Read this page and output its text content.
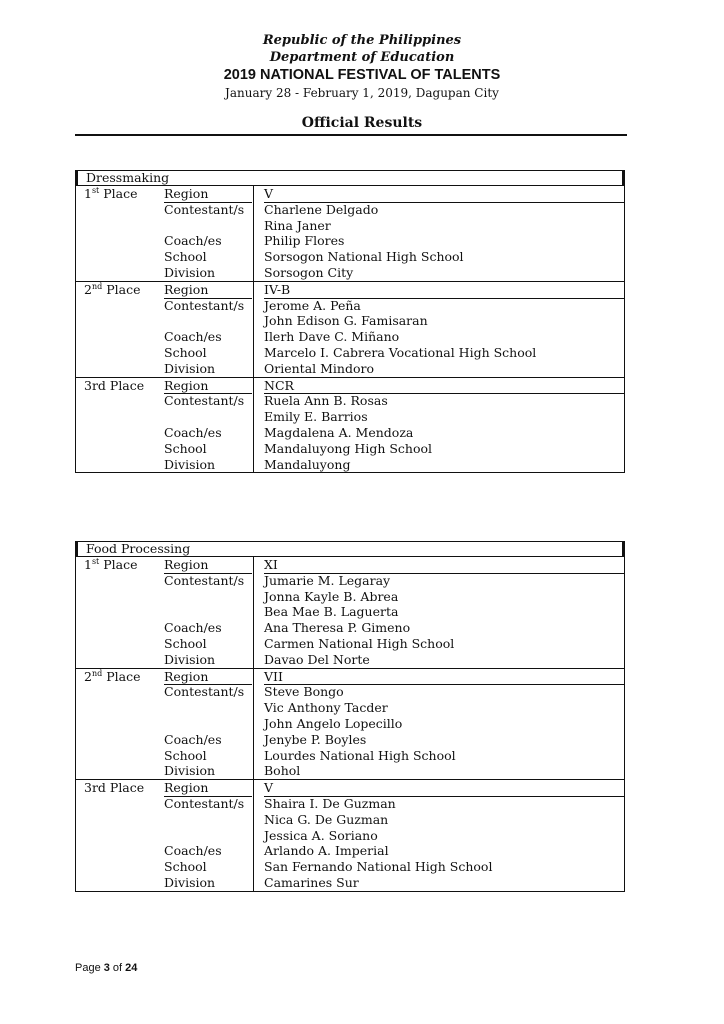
Republic of the Philippines
Department of Education
2019 NATIONAL FESTIVAL OF TALENTS
January 28 - February 1, 2019, Dagupan City
Official Results
Dressmaking
1st Place	Region	V
Contestant/s	Charlene Delgado
Rina Janer
Coach/es	Philip Flores
School	Sorsogon National High School
Division	Sorsogon City
2nd Place	Region	IV-B
Contestant/s	Jerome A. Peña
John Edison G. Famisaran
Coach/es	Ilerh Dave C. Miñano
School	Marcelo I. Cabrera Vocational High School
Division	Oriental Mindoro
3rd Place	Region	NCR
Contestant/s	Ruela Ann B. Rosas
Emily E. Barrios
Coach/es	Magdalena A. Mendoza
School	Mandaluyong High School
Division	Mandaluyong
Food Processing
1st Place	Region	XI
Contestant/s	Jumarie M. Legaray
Jonna Kayle B. Abrea
Bea Mae B. Laguerta
Coach/es	Ana Theresa P. Gimeno
School	Carmen National High School
Division	Davao Del Norte
2nd Place	Region	VII
Contestant/s	Steve Bongo
Vic Anthony Tacder
John Angelo Lopecillo
Coach/es	Jenybe P. Boyles
School	Lourdes National High School
Division	Bohol
3rd Place	Region	V
Contestant/s	Shaira I. De Guzman
Nica G. De Guzman
Jessica A. Soriano
Coach/es	Arlando A. Imperial
School	San Fernando National High School
Division	Camarines Sur
Page 3 of 24
